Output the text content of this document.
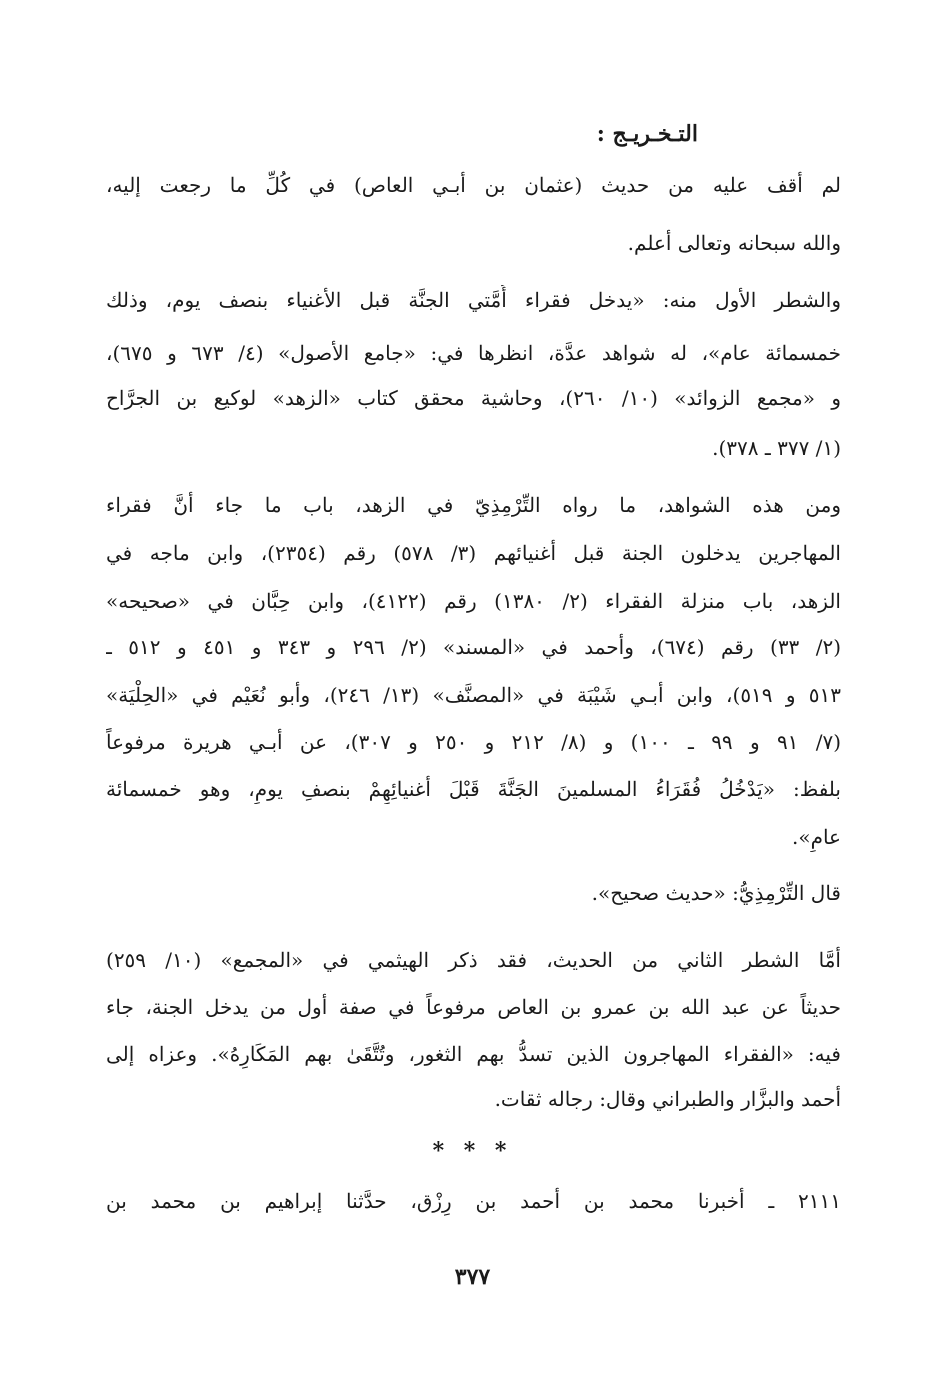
التـخـريـج :
لم أقف عليه من حديث (عثمان بن أبـي العاص) في كُلِّ ما رجعت إليه،
والله سبحانه وتعالى أعلم.
والشطر الأول منه: «يدخل فقراء أُمَّتي الجنَّة قبل الأغنياء بنصف يوم، وذلك
خمسمائة عام»، له شواهد عدَّة، انظرها في: «جامع الأصول» (٤/ ٦٧٣ و ٦٧٥)،
و «مجمع الزوائد» (١٠/ ٢٦٠)، وحاشية محقق كتاب «الزهد» لوكيع بن الجرَّاح
(١/ ٣٧٧ ـ ٣٧٨).
ومن هذه الشواهد، ما رواه التِّرْمِذِيّ في الزهد، باب ما جاء أنَّ فقراء
المهاجرين يدخلون الجنة قبل أغنيائهم (٣/ ٥٧٨) رقم (٢٣٥٤)، وابن ماجه في
الزهد، باب منزلة الفقراء (٢/ ١٣٨٠) رقم (٤١٢٢)، وابن حِبَّان في «صحيحه»
(٢/ ٣٣) رقم (٦٧٤)، وأحمد في «المسند» (٢/ ٢٩٦ و ٣٤٣ و ٤٥١ و ٥١٢ ـ
٥١٣ و ٥١٩)، وابن أبـي شَيْبَة في «المصنَّف» (١٣/ ٢٤٦)، وأبو نُعَيْم في «الحِلْيَة»
(٧/ ٩١ و ٩٩ ـ ١٠٠) و (٨/ ٢١٢ و ٢٥٠ و ٣٠٧)، عن أبـي هريرة مرفوعاً
بلفظ: «يَدْخُلُ فُقَرَاءُ المسلمينَ الجَنَّةَ قَبْلَ أغنيائِهِمْ بنصفِ يومٍ، وهو خمسمائة
عامٍ».
قال التِّرْمِذِيُّ: «حديث صحيح».
أمَّا الشطر الثاني من الحديث، فقد ذكر الهيثمي في «المجمع» (١٠/ ٢٥٩)
حديثاً عن عبد الله بن عمرو بن العاص مرفوعاً في صفة أول من يدخل الجنة، جاء
فيه: «الفقراء المهاجرون الذين تسدُّ بهم الثغور، وتُتَّقَىٰ بهم المَكَارِهُ». وعزاه إلى
أحمد والبزَّار والطبراني وقال: رجاله ثقات.
* * *
٢١١١ ـ أخبرنا محمد بن أحمد بن رِزْق، حدَّثنا إبراهيم بن محمد بن
٣٧٧
